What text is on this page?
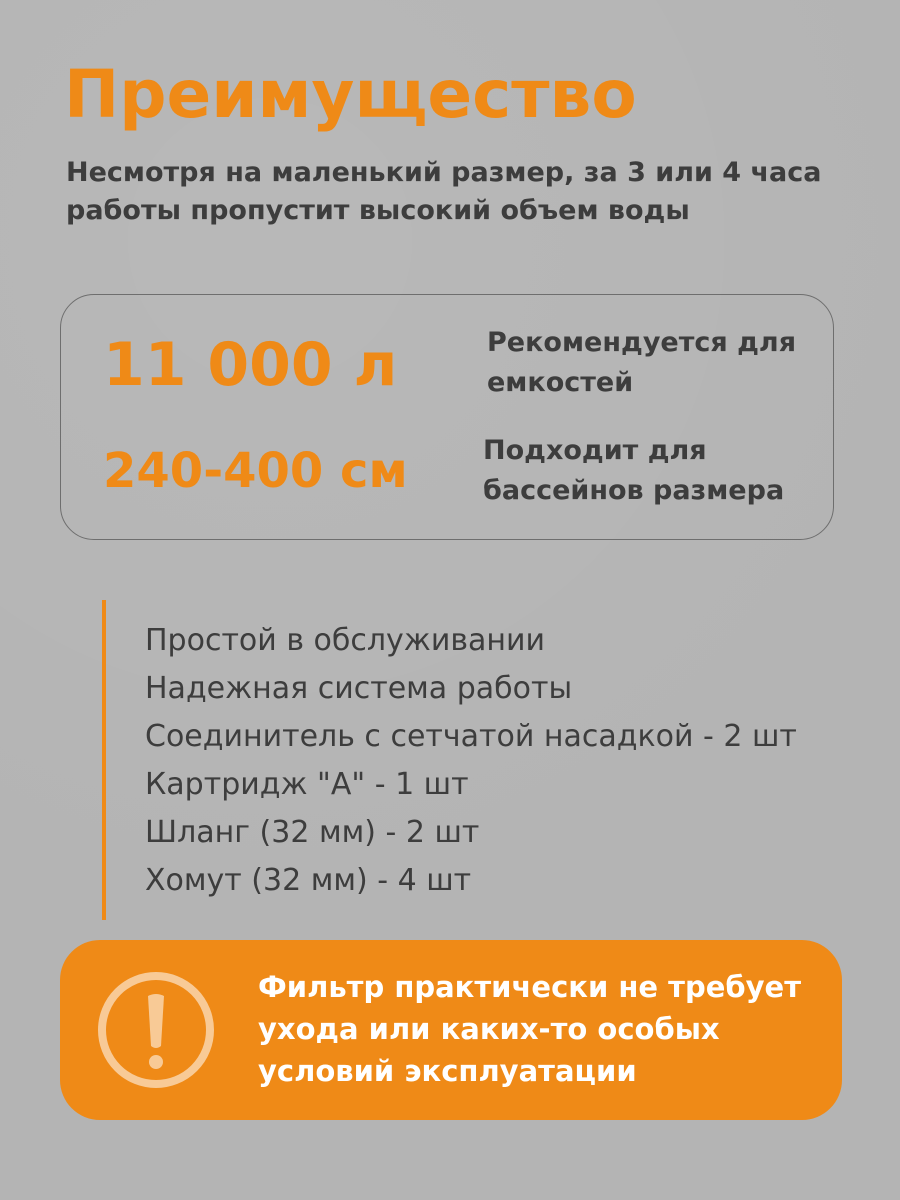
Преимущество

Несмотря на маленький размер, за 3 или 4 часа работы пропустит высокий объем воды

11 000 л	Рекомендуется для емкостей
240-400 см	Подходит для бассейнов размера
Простой в обслуживании
Надежная система работы
Соединитель с сетчатой насадкой - 2 шт
Картридж "А" - 1 шт
Шланг (32 мм) - 2 шт
Хомут (32 мм) - 4 шт

Фильтр практически не требует ухода или каких-то особых условий эксплуатации
